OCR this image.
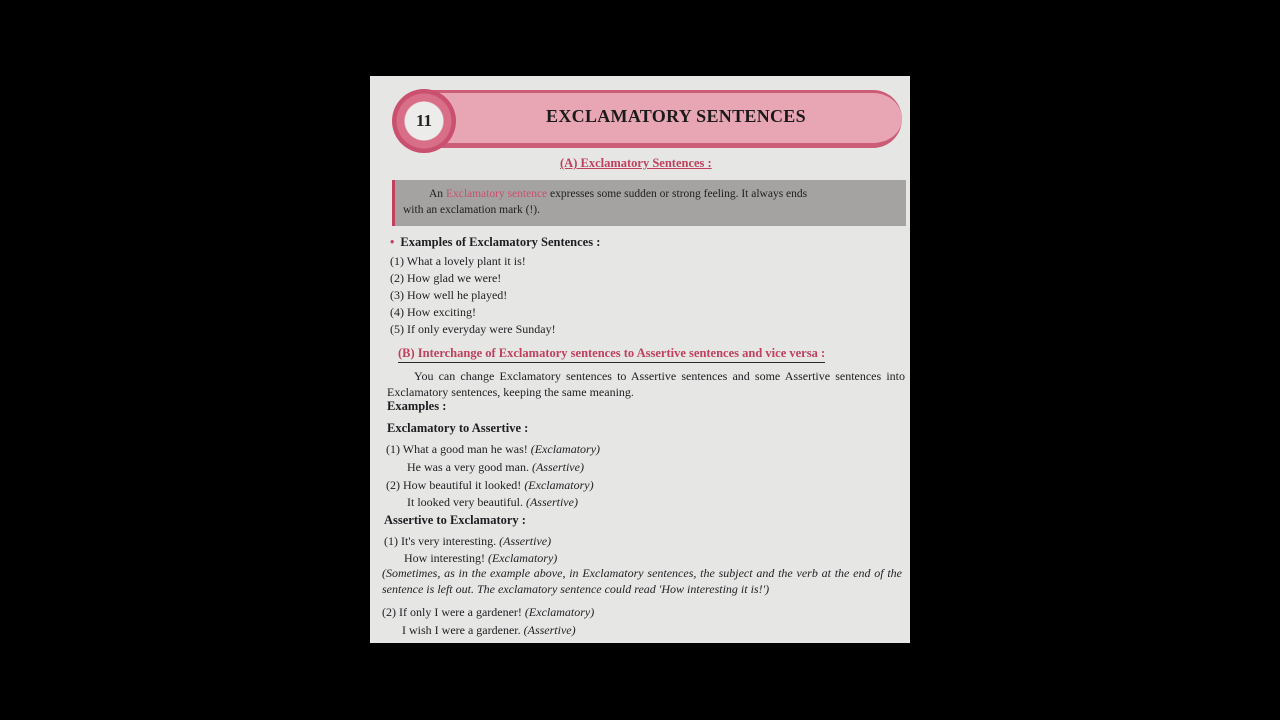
11	EXCLAMATORY SENTENCES
(A) Exclamatory Sentences :
An Exclamatory sentence expresses some sudden or strong feeling. It always ends
with an exclamation mark (!).
• Examples of Exclamatory Sentences :
(1) What a lovely plant it is!
(2) How glad we were!
(3) How well he played!
(4) How exciting!
(5) If only everyday were Sunday!
(B) Interchange of Exclamatory sentences to Assertive sentences and vice versa :
You can change Exclamatory sentences to Assertive sentences and some Assertive sentences into Exclamatory sentences, keeping the same meaning.
Examples :
Exclamatory to Assertive :
(1) What a good man he was! (Exclamatory)
He was a very good man. (Assertive)
(2) How beautiful it looked! (Exclamatory)
It looked very beautiful. (Assertive)
Assertive to Exclamatory :
(1) It's very interesting. (Assertive)
How interesting! (Exclamatory)
(Sometimes, as in the example above, in Exclamatory sentences, the subject and the verb at the end of the sentence is left out. The exclamatory sentence could read 'How interesting it is!')
(2) If only I were a gardener! (Exclamatory)
I wish I were a gardener. (Assertive)
